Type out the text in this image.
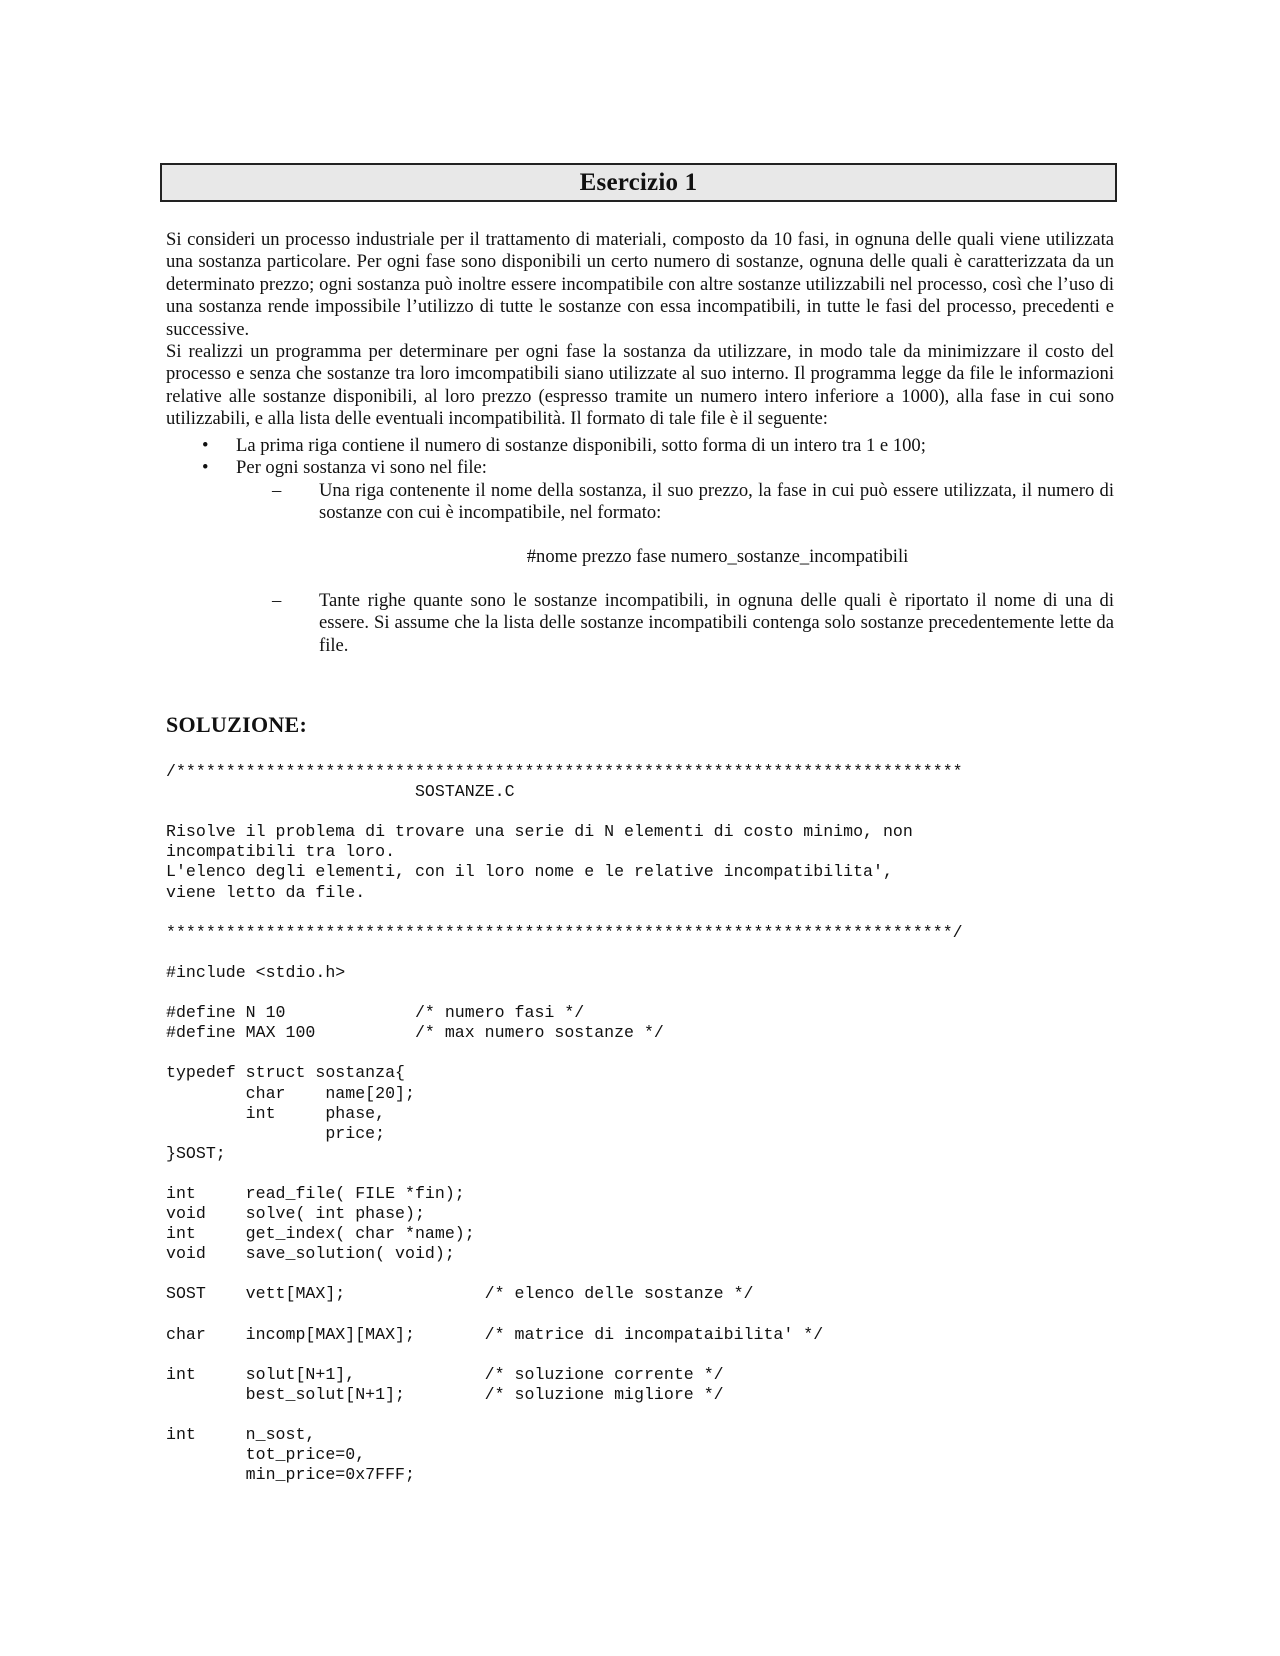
Esercizio 1

Si consideri un processo industriale per il trattamento di materiali, composto da 10 fasi, in ognuna delle quali viene utilizzata una sostanza particolare. Per ogni fase sono disponibili un certo numero di sostanze, ognuna delle quali è caratterizzata da un determinato prezzo; ogni sostanza può inoltre essere incompatibile con altre sostanze utilizzabili nel processo, così che l’uso di una sostanza rende impossibile l’utilizzo di tutte le sostanze con essa incompatibili, in tutte le fasi del processo, precedenti e successive.

Si realizzi un programma per determinare per ogni fase la sostanza da utilizzare, in modo tale da minimizzare il costo del processo e senza che sostanze tra loro imcompatibili siano utilizzate al suo interno. Il programma legge da file le informazioni relative alle sostanze disponibili, al loro prezzo (espresso tramite un numero intero inferiore a 1000), alla fase in cui sono utilizzabili, e alla lista delle eventuali incompatibilità. Il formato di tale file è il seguente:

• La prima riga contiene il numero di sostanze disponibili, sotto forma di un intero tra 1 e 100;
• Per ogni sostanza vi sono nel file:
– Una riga contenente il nome della sostanza, il suo prezzo, la fase in cui può essere utilizzata, il numero di sostanze con cui è incompatibile, nel formato:
#nome prezzo fase numero_sostanze_incompatibili
– Tante righe quante sono le sostanze incompatibili, in ognuna delle quali è riportato il nome di una di essere. Si assume che la lista delle sostanze incompatibili contenga solo sostanze precedentemente lette da file.
SOLUZIONE:
/*******************************************************************************
SOSTANZE.C

Risolve il problema di trovare una serie di N elementi di costo minimo, non
incompatibili tra loro.
L'elenco degli elementi, con il loro nome e le relative incompatibilita',
viene letto da file.

*******************************************************************************/

#include <stdio.h>

#define N 10             /* numero fasi */
#define MAX 100          /* max numero sostanze */

typedef struct sostanza{
char    name[20];
int     phase,
price;
}SOST;

int     read_file( FILE *fin);
void    solve( int phase);
int     get_index( char *name);
void    save_solution( void);

SOST    vett[MAX];              /* elenco delle sostanze */

char    incomp[MAX][MAX];       /* matrice di incompataibilita' */

int     solut[N+1],             /* soluzione corrente */
best_solut[N+1];        /* soluzione migliore */

int     n_sost,
tot_price=0,
min_price=0x7FFF;
